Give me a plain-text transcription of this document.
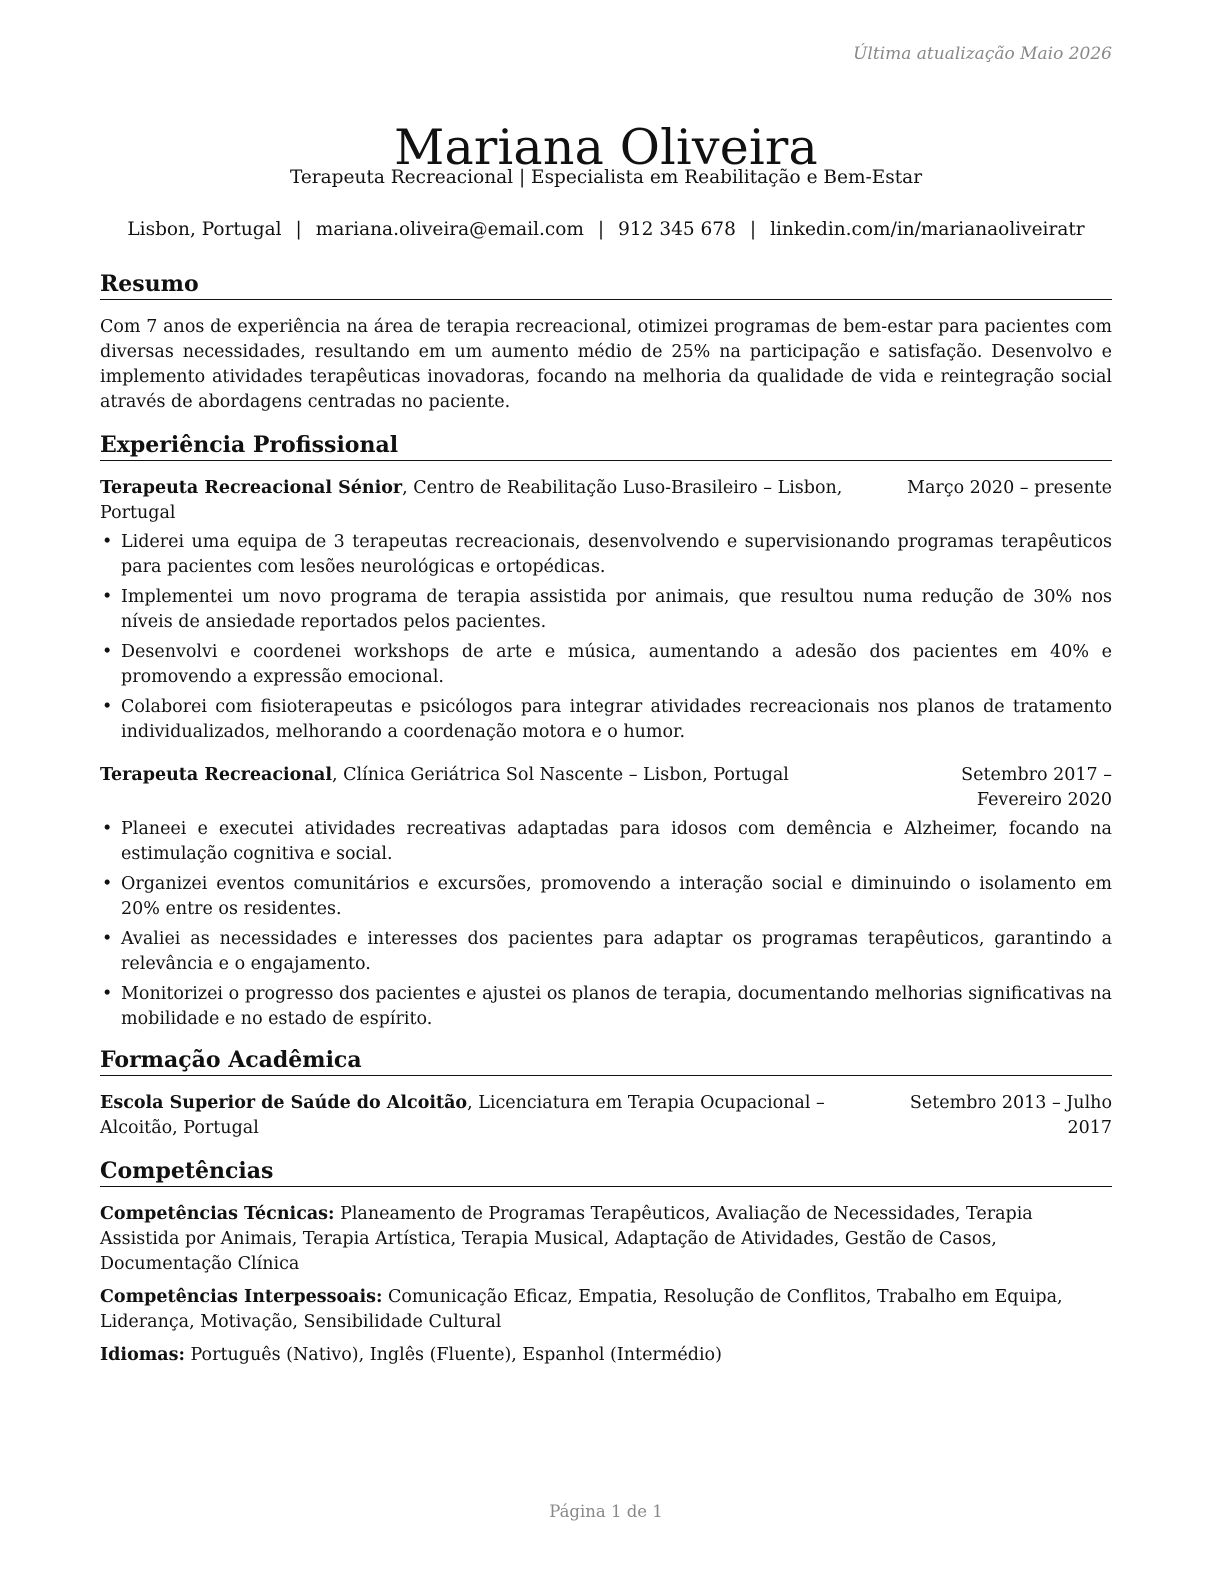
Última atualização Maio 2026
Mariana Oliveira
Terapeuta Recreacional | Especialista em Reabilitação e Bem-Estar
Lisbon, Portugal | mariana.oliveira@email.com | 912 345 678 | linkedin.com/in/marianaoliveiratr
Resumo

Com 7 anos de experiência na área de terapia recreacional, otimizei programas de bem-estar para pacientes com diversas necessidades, resultando em um aumento médio de 25% na participação e satisfação. Desenvolvo e implemento atividades terapêuticas inovadoras, focando na melhoria da qualidade de vida e reintegração social através de abordagens centradas no paciente.

Experiência Profissional
Terapeuta Recreacional Sénior, Centro de Reabilitação Luso-Brasileiro – Lisbon, Portugal
Março 2020 – presente
• Liderei uma equipa de 3 terapeutas recreacionais, desenvolvendo e supervisionando programas terapêuticos para pacientes com lesões neurológicas e ortopédicas.
• Implementei um novo programa de terapia assistida por animais, que resultou numa redução de 30% nos níveis de ansiedade reportados pelos pacientes.
• Desenvolvi e coordenei workshops de arte e música, aumentando a adesão dos pacientes em 40% e promovendo a expressão emocional.
• Colaborei com fisioterapeutas e psicólogos para integrar atividades recreacionais nos planos de tratamento individualizados, melhorando a coordenação motora e o humor.
Terapeuta Recreacional, Clínica Geriátrica Sol Nascente – Lisbon, Portugal	Setembro 2017 – Fevereiro 2020
• Planeei e executei atividades recreativas adaptadas para idosos com demência e Alzheimer, focando na estimulação cognitiva e social.
• Organizei eventos comunitários e excursões, promovendo a interação social e diminuindo o isolamento em 20% entre os residentes.
• Avaliei as necessidades e interesses dos pacientes para adaptar os programas terapêuticos, garantindo a relevância e o engajamento.
• Monitorizei o progresso dos pacientes e ajustei os planos de terapia, documentando melhorias significativas na mobilidade e no estado de espírito.
Formação Acadêmica
Escola Superior de Saúde do Alcoitão, Licenciatura em Terapia Ocupacional – Alcoitão, Portugal
Setembro 2013 – Julho 2017
Competências
Competências Técnicas: Planeamento de Programas Terapêuticos, Avaliação de Necessidades, Terapia Assistida por Animais, Terapia Artística, Terapia Musical, Adaptação de Atividades, Gestão de Casos, Documentação Clínica
Competências Interpessoais: Comunicação Eficaz, Empatia, Resolução de Conflitos, Trabalho em Equipa, Liderança, Motivação, Sensibilidade Cultural
Idiomas: Português (Nativo), Inglês (Fluente), Espanhol (Intermédio)
Página 1 de 1
